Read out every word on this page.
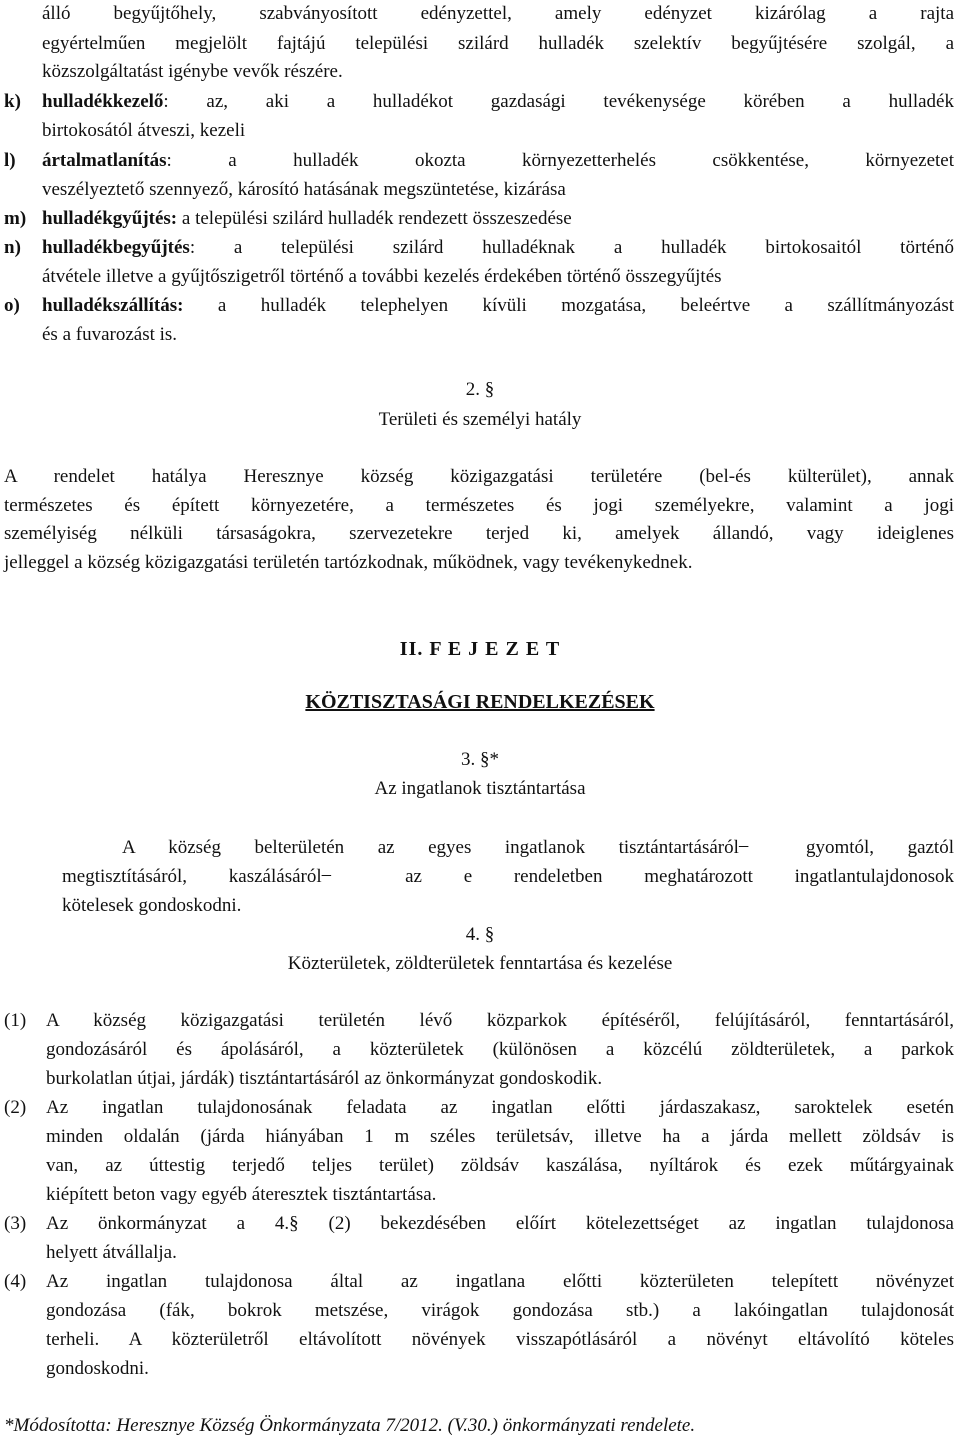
álló begyűjtőhely, szabványosított edényzettel, amely edényzet kizárólag a rajta
egyértelműen megjelölt fajtájú települési szilárd hulladék szelektív begyűjtésére szolgál, a
közszolgáltatást igénybe vevők részére.
k) hulladékkezelő: az, aki a hulladékot gazdasági tevékenysége körében a hulladék
birtokosától átveszi, kezeli
l) ártalmatlanítás: a hulladék okozta környezetterhelés csökkentése, környezetet
veszélyeztető szennyező, károsító hatásának megszüntetése, kizárása
m) hulladékgyűjtés: a települési szilárd hulladék rendezett összeszedése
n) hulladékbegyűjtés: a települési szilárd hulladéknak a hulladék birtokosaitól történő
átvétele illetve a gyűjtőszigetről történő a további kezelés érdekében történő összegyűjtés
o) hulladékszállítás: a hulladék telephelyen kívüli mozgatása, beleértve a szállítmányozást
és a fuvarozást is.
2. §
Területi és személyi hatály
A rendelet hatálya Heresznye község közigazgatási területére (bel-és külterület), annak
természetes és épített környezetére, a természetes és jogi személyekre, valamint a jogi
személyiség nélküli társaságokra, szervezetekre terjed ki, amelyek állandó, vagy ideiglenes
jelleggel a község közigazgatási területén tartózkodnak, működnek, vagy tevékenykednek.
II. F E J E Z E T
KÖZTISZTASÁGI RENDELKEZÉSEK
3. §*
Az ingatlanok tisztántartása
A község belterületén az egyes ingatlanok tisztántartásáról ̶ gyomtól, gaztól
megtisztításáról, kaszálásáról ̶ az e rendeletben meghatározott ingatlantulajdonosok
kötelesek gondoskodni.
4. §
Közterületek, zöldterületek fenntartása és kezelése
(1) A község közigazgatási területén lévő közparkok építéséről, felújításáról, fenntartásáról,
gondozásáról és ápolásáról, a közterületek (különösen a közcélú zöldterületek, a parkok
burkolatlan útjai, járdák) tisztántartásáról az önkormányzat gondoskodik.
(2) Az ingatlan tulajdonosának feladata az ingatlan előtti járdaszakasz, saroktelek esetén
minden oldalán (járda hiányában 1 m széles területsáv, illetve ha a járda mellett zöldsáv is
van, az úttestig terjedő teljes terület) zöldsáv kaszálása, nyíltárok és ezek műtárgyainak
kiépített beton vagy egyéb áteresztek tisztántartása.
(3) Az önkormányzat a 4.§ (2) bekezdésében előírt kötelezettséget az ingatlan tulajdonosa
helyett átvállalja.
(4) Az ingatlan tulajdonosa által az ingatlana előtti közterületen telepített növényzet
gondozása (fák, bokrok metszése, virágok gondozása stb.) a lakóingatlan tulajdonosát
terheli. A közterületről eltávolított növények visszapótlásáról a növényt eltávolító köteles
gondoskodni.
*Módosította: Heresznye Község Önkormányzata 7/2012. (V.30.) önkormányzati rendelete.
